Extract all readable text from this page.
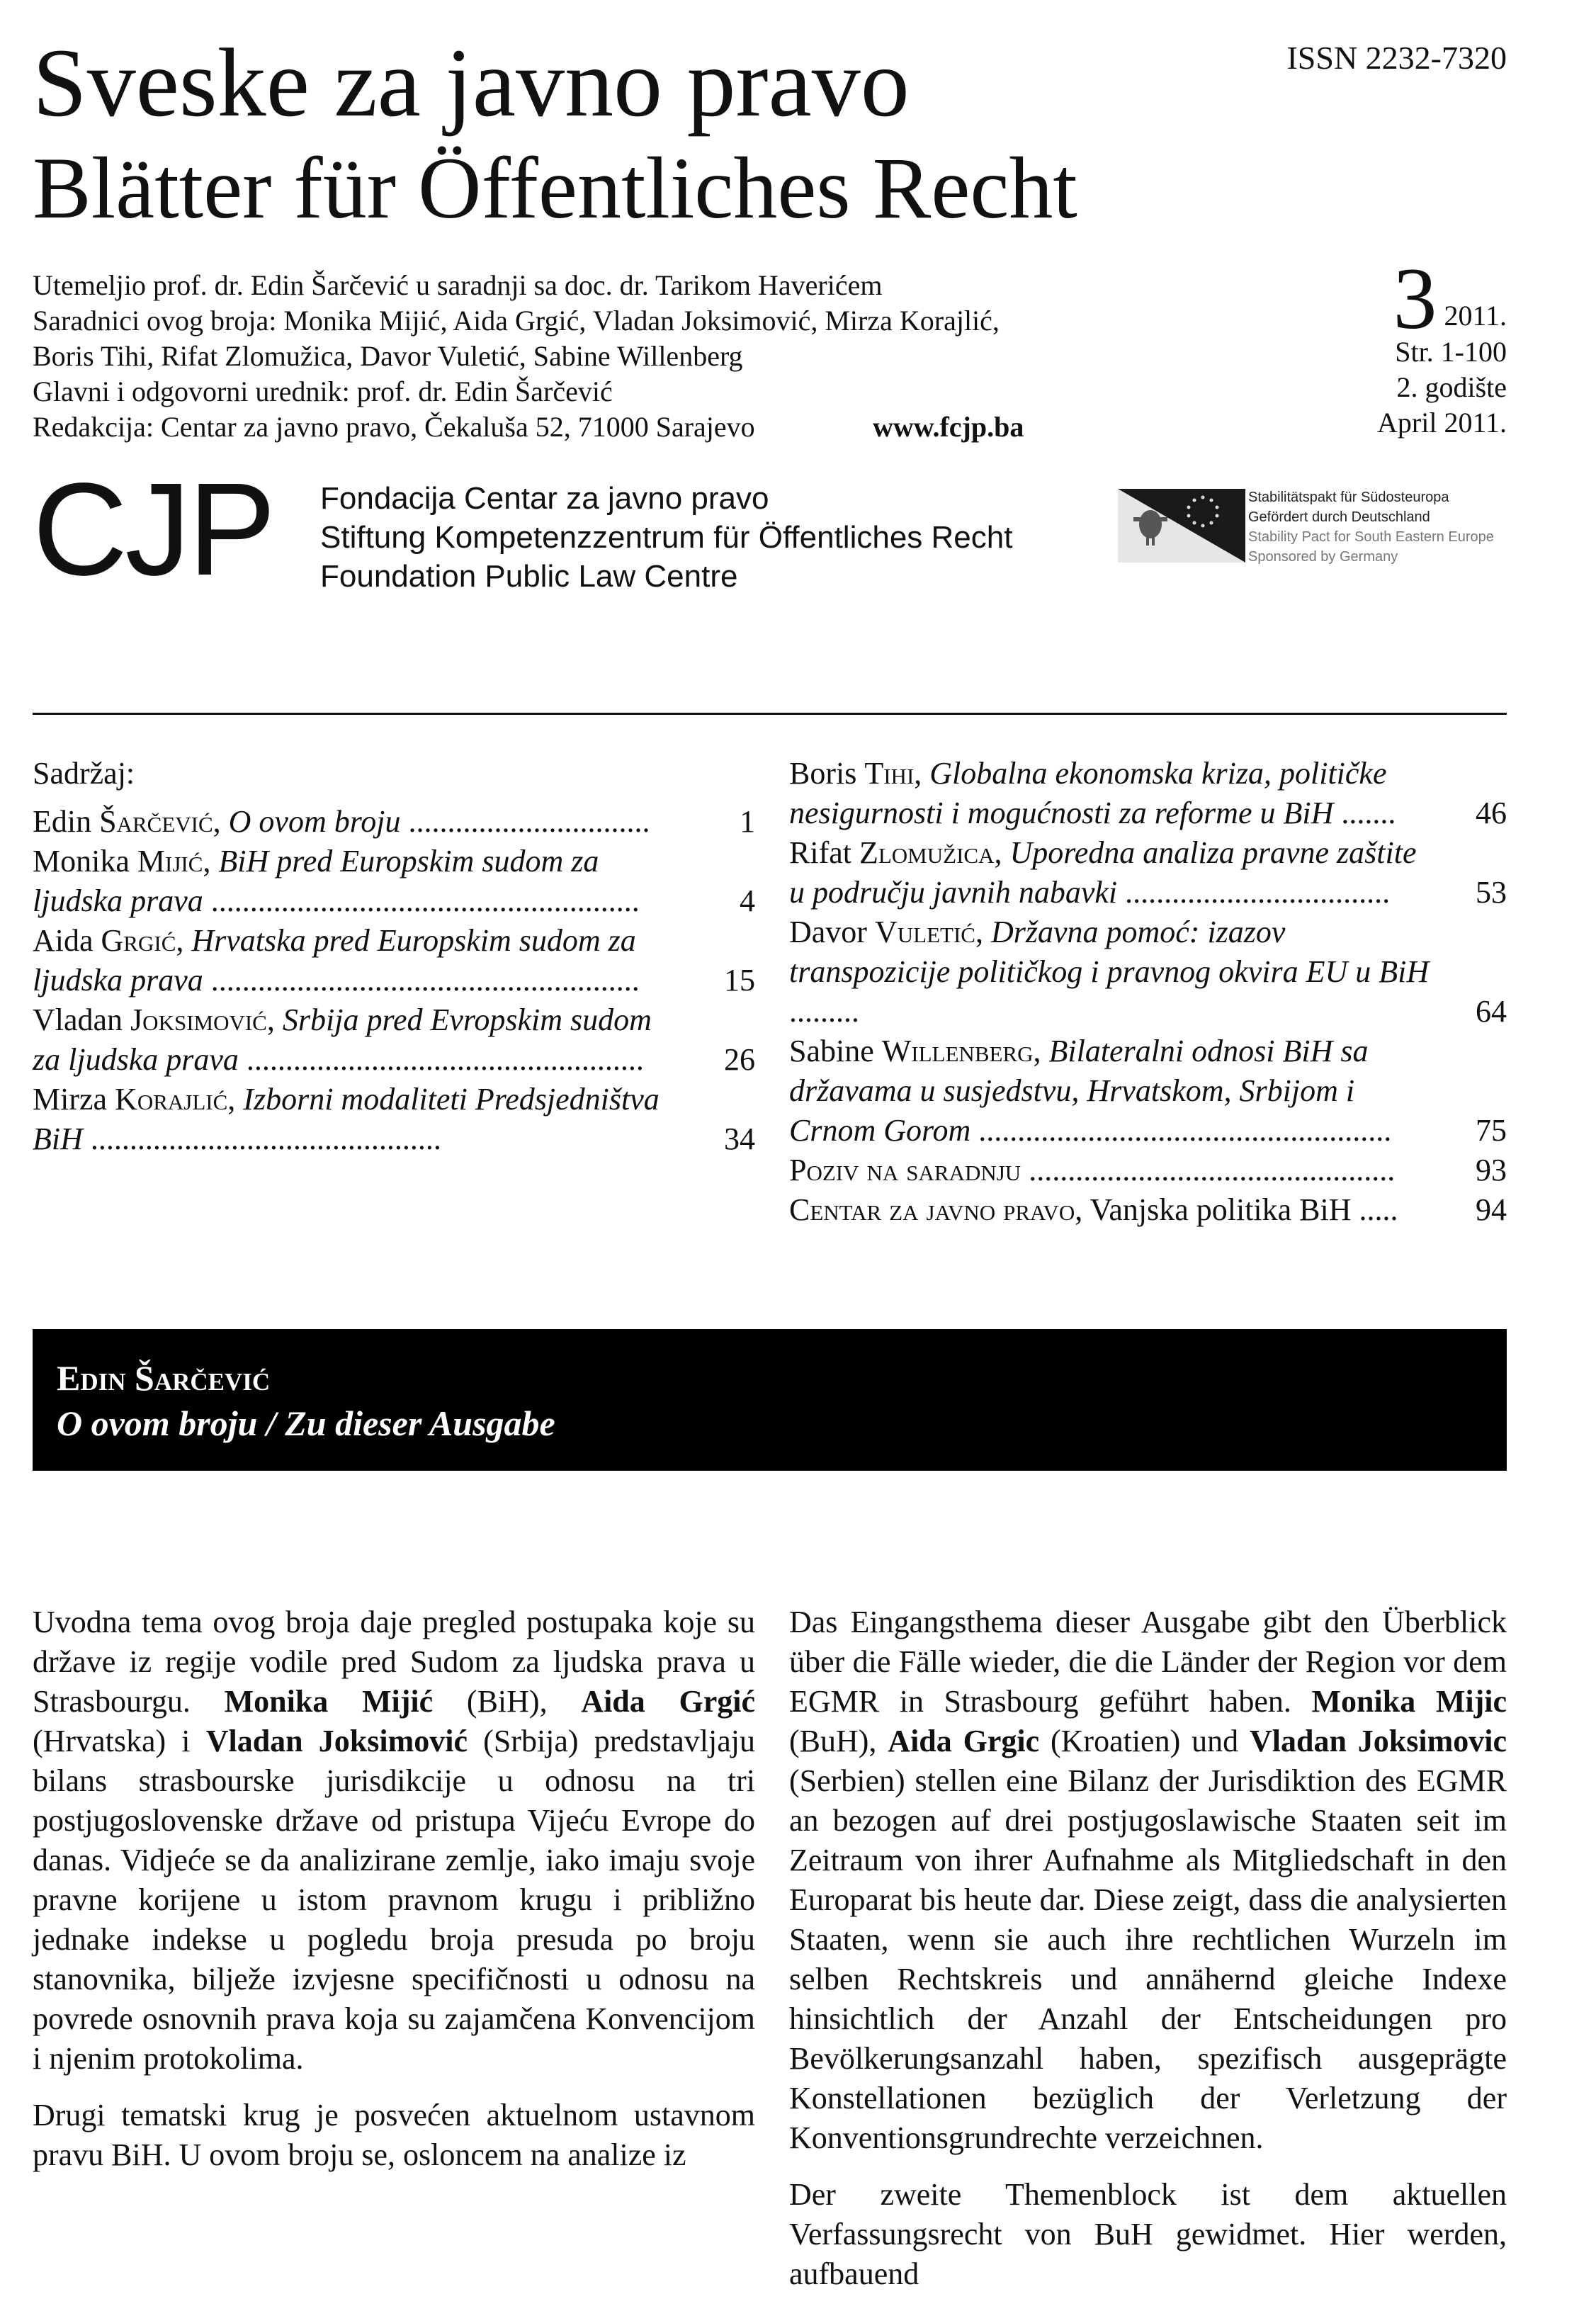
Sveske za javno pravo
Blätter für Öffentliches Recht
ISSN 2232-7320
Utemeljio prof. dr. Edin Šarčević u saradnji sa doc. dr. Tarikom Haverićem
Saradnici ovog broja: Monika Mijić, Aida Grgić, Vladan Joksimović, Mirza Korajlić,
Boris Tihi, Rifat Zlomužica, Davor Vuletić, Sabine Willenberg
Glavni i odgovorni urednik: prof. dr. Edin Šarčević
Redakcija: Centar za javno pravo, Čekaluša 52, 71000 Sarajevo	www.fcjp.ba
3 2011.
Str. 1-100
2. godište
April 2011.
CJP Fondacija Centar za javno pravo
Stiftung Kompetenzzentrum für Öffentliches Recht
Foundation Public Law Centre
Stabilitätspakt für Südosteuropa
Gefördert durch Deutschland
Stability Pact for South Eastern Europe
Sponsored by Germany
Sadržaj:
Edin Šarčević, O ovom broju ...............................	1
Monika Mijić, BiH pred Europskim sudom za ljudska prava .......................................................	4
Aida Grgić, Hrvatska pred Europskim sudom za ljudska prava .......................................................	15
Vladan Joksimović, Srbija pred Evropskim sudom za ljudska prava ...................................................	26
Mirza Korajlić, Izborni modaliteti Predsjedništva BiH .............................................	34
Boris Tihi, Globalna ekonomska kriza, političke nesigurnosti i mogućnosti za reforme u BiH .......	46
Rifat Zlomužica, Uporedna analiza pravne zaštite u području javnih nabavki ..................................	53
Davor Vuletić, Državna pomoć: izazov transpozicije političkog i pravnog okvira EU u BiH .........	64
Sabine Willenberg, Bilateralni odnosi BiH sa državama u susjedstvu, Hrvatskom, Srbijom i Crnom Gorom .....................................................	75
Poziv na saradnju ...............................................	93
Centar za javno pravo, Vanjska politika BiH .....	94
Edin Šarčević
O ovom broju / Zu dieser Ausgabe

Uvodna tema ovog broja daje pregled postupaka koje su države iz regije vodile pred Sudom za ljudska prava u Strasbourgu. Monika Mijić (BiH), Aida Grgić (Hrvatska) i Vladan Joksimović (Srbija) predstavljaju bilans strasbourske jurisdikcije u odnosu na tri postjugoslovenske države od pristupa Vijeću Evrope do danas. Vidjeće se da analizirane zemlje, iako imaju svoje pravne korijene u istom pravnom krugu i približno jednake indekse u pogledu broja presuda po broju stanovnika, bilježe izvjesne specifičnosti u odnosu na povrede osnovnih prava koja su zajamčena Konvencijom i njenim protokolima.

Drugi tematski krug je posvećen aktuelnom ustavnom pravu BiH. U ovom broju se, osloncem na analize iz

Das Eingangsthema dieser Ausgabe gibt den Überblick über die Fälle wieder, die die Länder der Region vor dem EGMR in Strasbourg geführt haben. Monika Mijic (BuH), Aida Grgic (Kroatien) und Vladan Joksimovic (Serbien) stellen eine Bilanz der Jurisdiktion des EGMR an bezogen auf drei postjugoslawische Staaten seit im Zeitraum von ihrer Aufnahme als Mitgliedschaft in den Europarat bis heute dar. Diese zeigt, dass die analysierten Staaten, wenn sie auch ihre rechtlichen Wurzeln im selben Rechtskreis und annähernd gleiche Indexe hinsichtlich der Anzahl der Entscheidungen pro Bevölkerungsanzahl haben, spezifisch ausgeprägte Konstellationen bezüglich der Verletzung der Konventionsgrundrechte verzeichnen.

Der zweite Themenblock ist dem aktuellen Verfassungsrecht von BuH gewidmet. Hier werden, aufbauend
